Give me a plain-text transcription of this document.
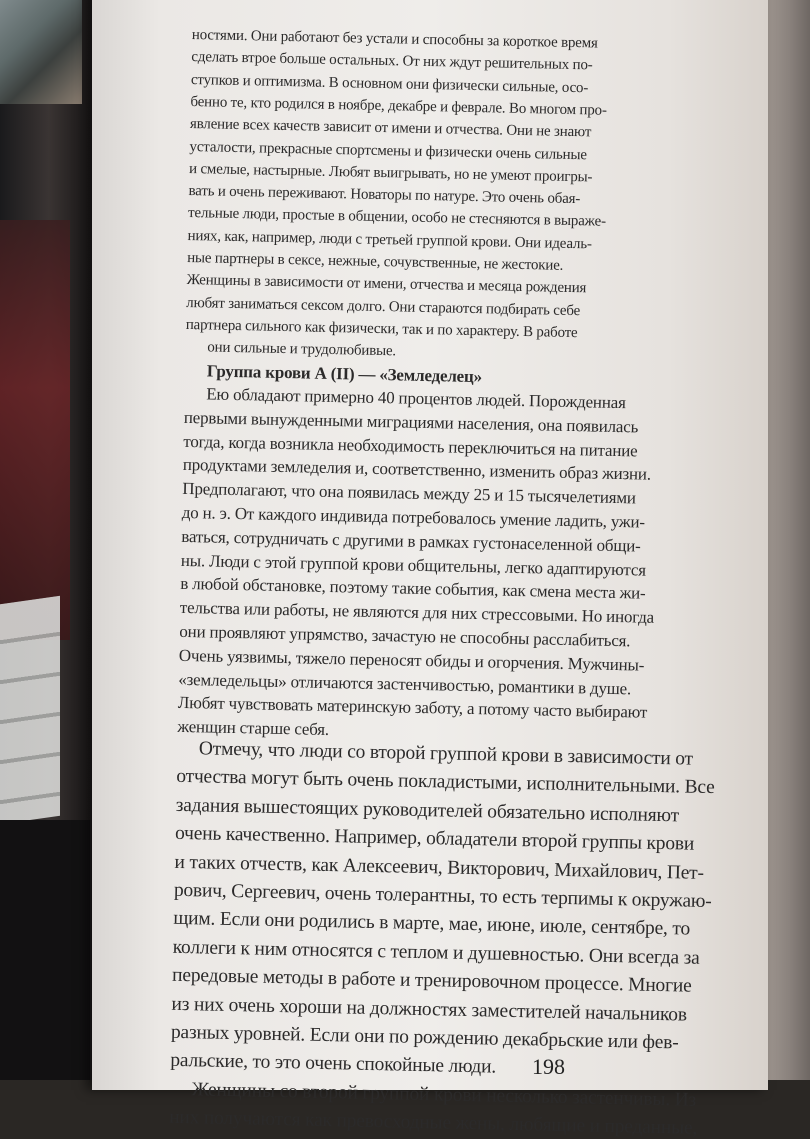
ностями. Они работают без устали и способны за короткое время
сделать втрое больше остальных. От них ждут решительных по-
ступков и оптимизма. В основном они физически сильные, осо-
бенно те, кто родился в ноябре, декабре и феврале. Во многом про-
явление всех качеств зависит от имени и отчества. Они не знают
усталости, прекрасные спортсмены и физически очень сильные
и смелые, настырные. Любят выигрывать, но не умеют проигры-
вать и очень переживают. Новаторы по натуре. Это очень обая-
тельные люди, простые в общении, особо не стесняются в выраже-
ниях, как, например, люди с третьей группой крови. Они идеаль-
ные партнеры в сексе, нежные, сочувственные, не жестокие.
Женщины в зависимости от имени, отчества и месяца рождения
любят заниматься сексом долго. Они стараются подбирать себе
партнера сильного как физически, так и по характеру. В работе
они сильные и трудолюбивые.
Группа крови А (II) — «Земледелец»
Ею обладают примерно 40 процентов людей. Порожденная
первыми вынужденными миграциями населения, она появилась
тогда, когда возникла необходимость переключиться на питание
продуктами земледелия и, соответственно, изменить образ жизни.
Предполагают, что она появилась между 25 и 15 тысячелетиями
до н. э. От каждого индивида потребовалось умение ладить, ужи-
ваться, сотрудничать с другими в рамках густонаселенной общи-
ны. Люди с этой группой крови общительны, легко адаптируются
в любой обстановке, поэтому такие события, как смена места жи-
тельства или работы, не являются для них стрессовыми. Но иногда
они проявляют упрямство, зачастую не способны расслабиться.
Очень уязвимы, тяжело переносят обиды и огорчения. Мужчины-
«земледельцы» отличаются застенчивостью, романтики в душе.
Любят чувствовать материнскую заботу, а потому часто выбирают
женщин старше себя.
Отмечу, что люди со второй группой крови в зависимости от
отчества могут быть очень покладистыми, исполнительными. Все
задания вышестоящих руководителей обязательно исполняют
очень качественно. Например, обладатели второй группы крови
и таких отчеств, как Алексеевич, Викторович, Михайлович, Пет-
рович, Сергеевич, очень толерантны, то есть терпимы к окружаю-
щим. Если они родились в марте, мае, июне, июле, сентябре, то
коллеги к ним относятся с теплом и душевностью. Они всегда за
передовые методы в работе и тренировочном процессе. Многие
из них очень хороши на должностях заместителей начальников
разных уровней. Если они по рождению декабрьские или фев-
ральские, то это очень спокойные люди.
Женщины со второй группой крови несколько застенчивы. Из
них получаются как превосходные жены, любящие и преданные,
198
